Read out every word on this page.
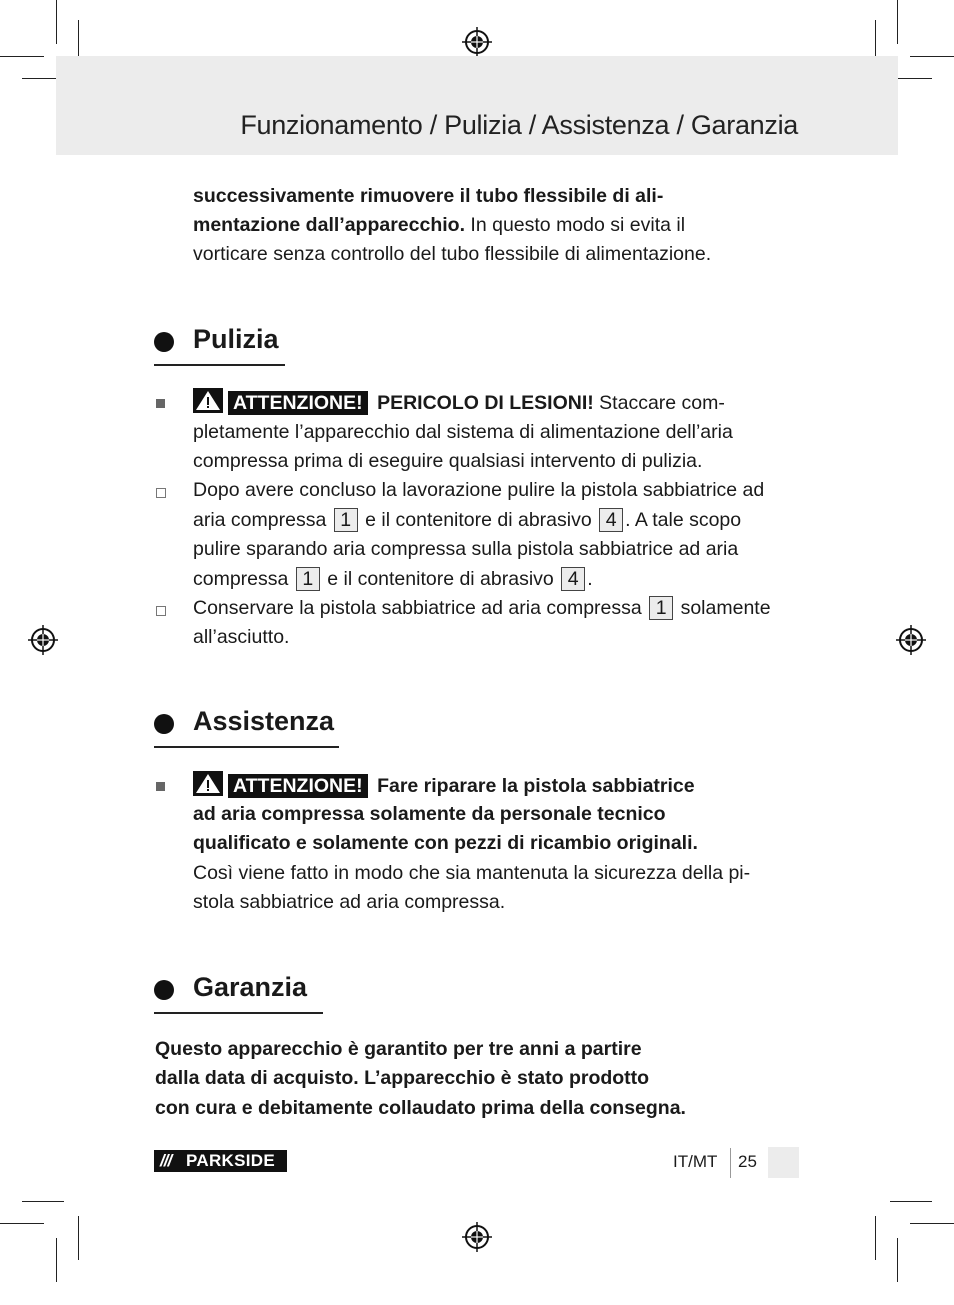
Funzionamento / Pulizia / Assistenza / Garanzia
successivamente rimuovere il tubo flessibile di ali-
mentazione dall’apparecchio. In questo modo si evita il
vorticare senza controllo del tubo flessibile di alimentazione.
Pulizia
ATTENZIONE! PERICOLO DI LESIONI! Staccare com-
pletamente l’apparecchio dal sistema di alimentazione dell’aria
compressa prima di eseguire qualsiasi intervento di pulizia.
Dopo avere concluso la lavorazione pulire la pistola sabbiatrice ad
aria compressa 1 e il contenitore di abrasivo 4 . A tale scopo
pulire sparando aria compressa sulla pistola sabbiatrice ad aria
compressa 1 e il contenitore di abrasivo 4 .
Conservare la pistola sabbiatrice ad aria compressa 1 solamente
all’asciutto.
Assistenza
ATTENZIONE! Fare riparare la pistola sabbiatrice
ad aria compressa solamente da personale tecnico
qualificato e solamente con pezzi di ricambio originali.
Così viene fatto in modo che sia mantenuta la sicurezza della pi-
stola sabbiatrice ad aria compressa.
Garanzia
Questo apparecchio è garantito per tre anni a partire
dalla data di acquisto. L’apparecchio è stato prodotto
con cura e debitamente collaudato prima della consegna.
/// PARKSIDE	IT/MT 25
